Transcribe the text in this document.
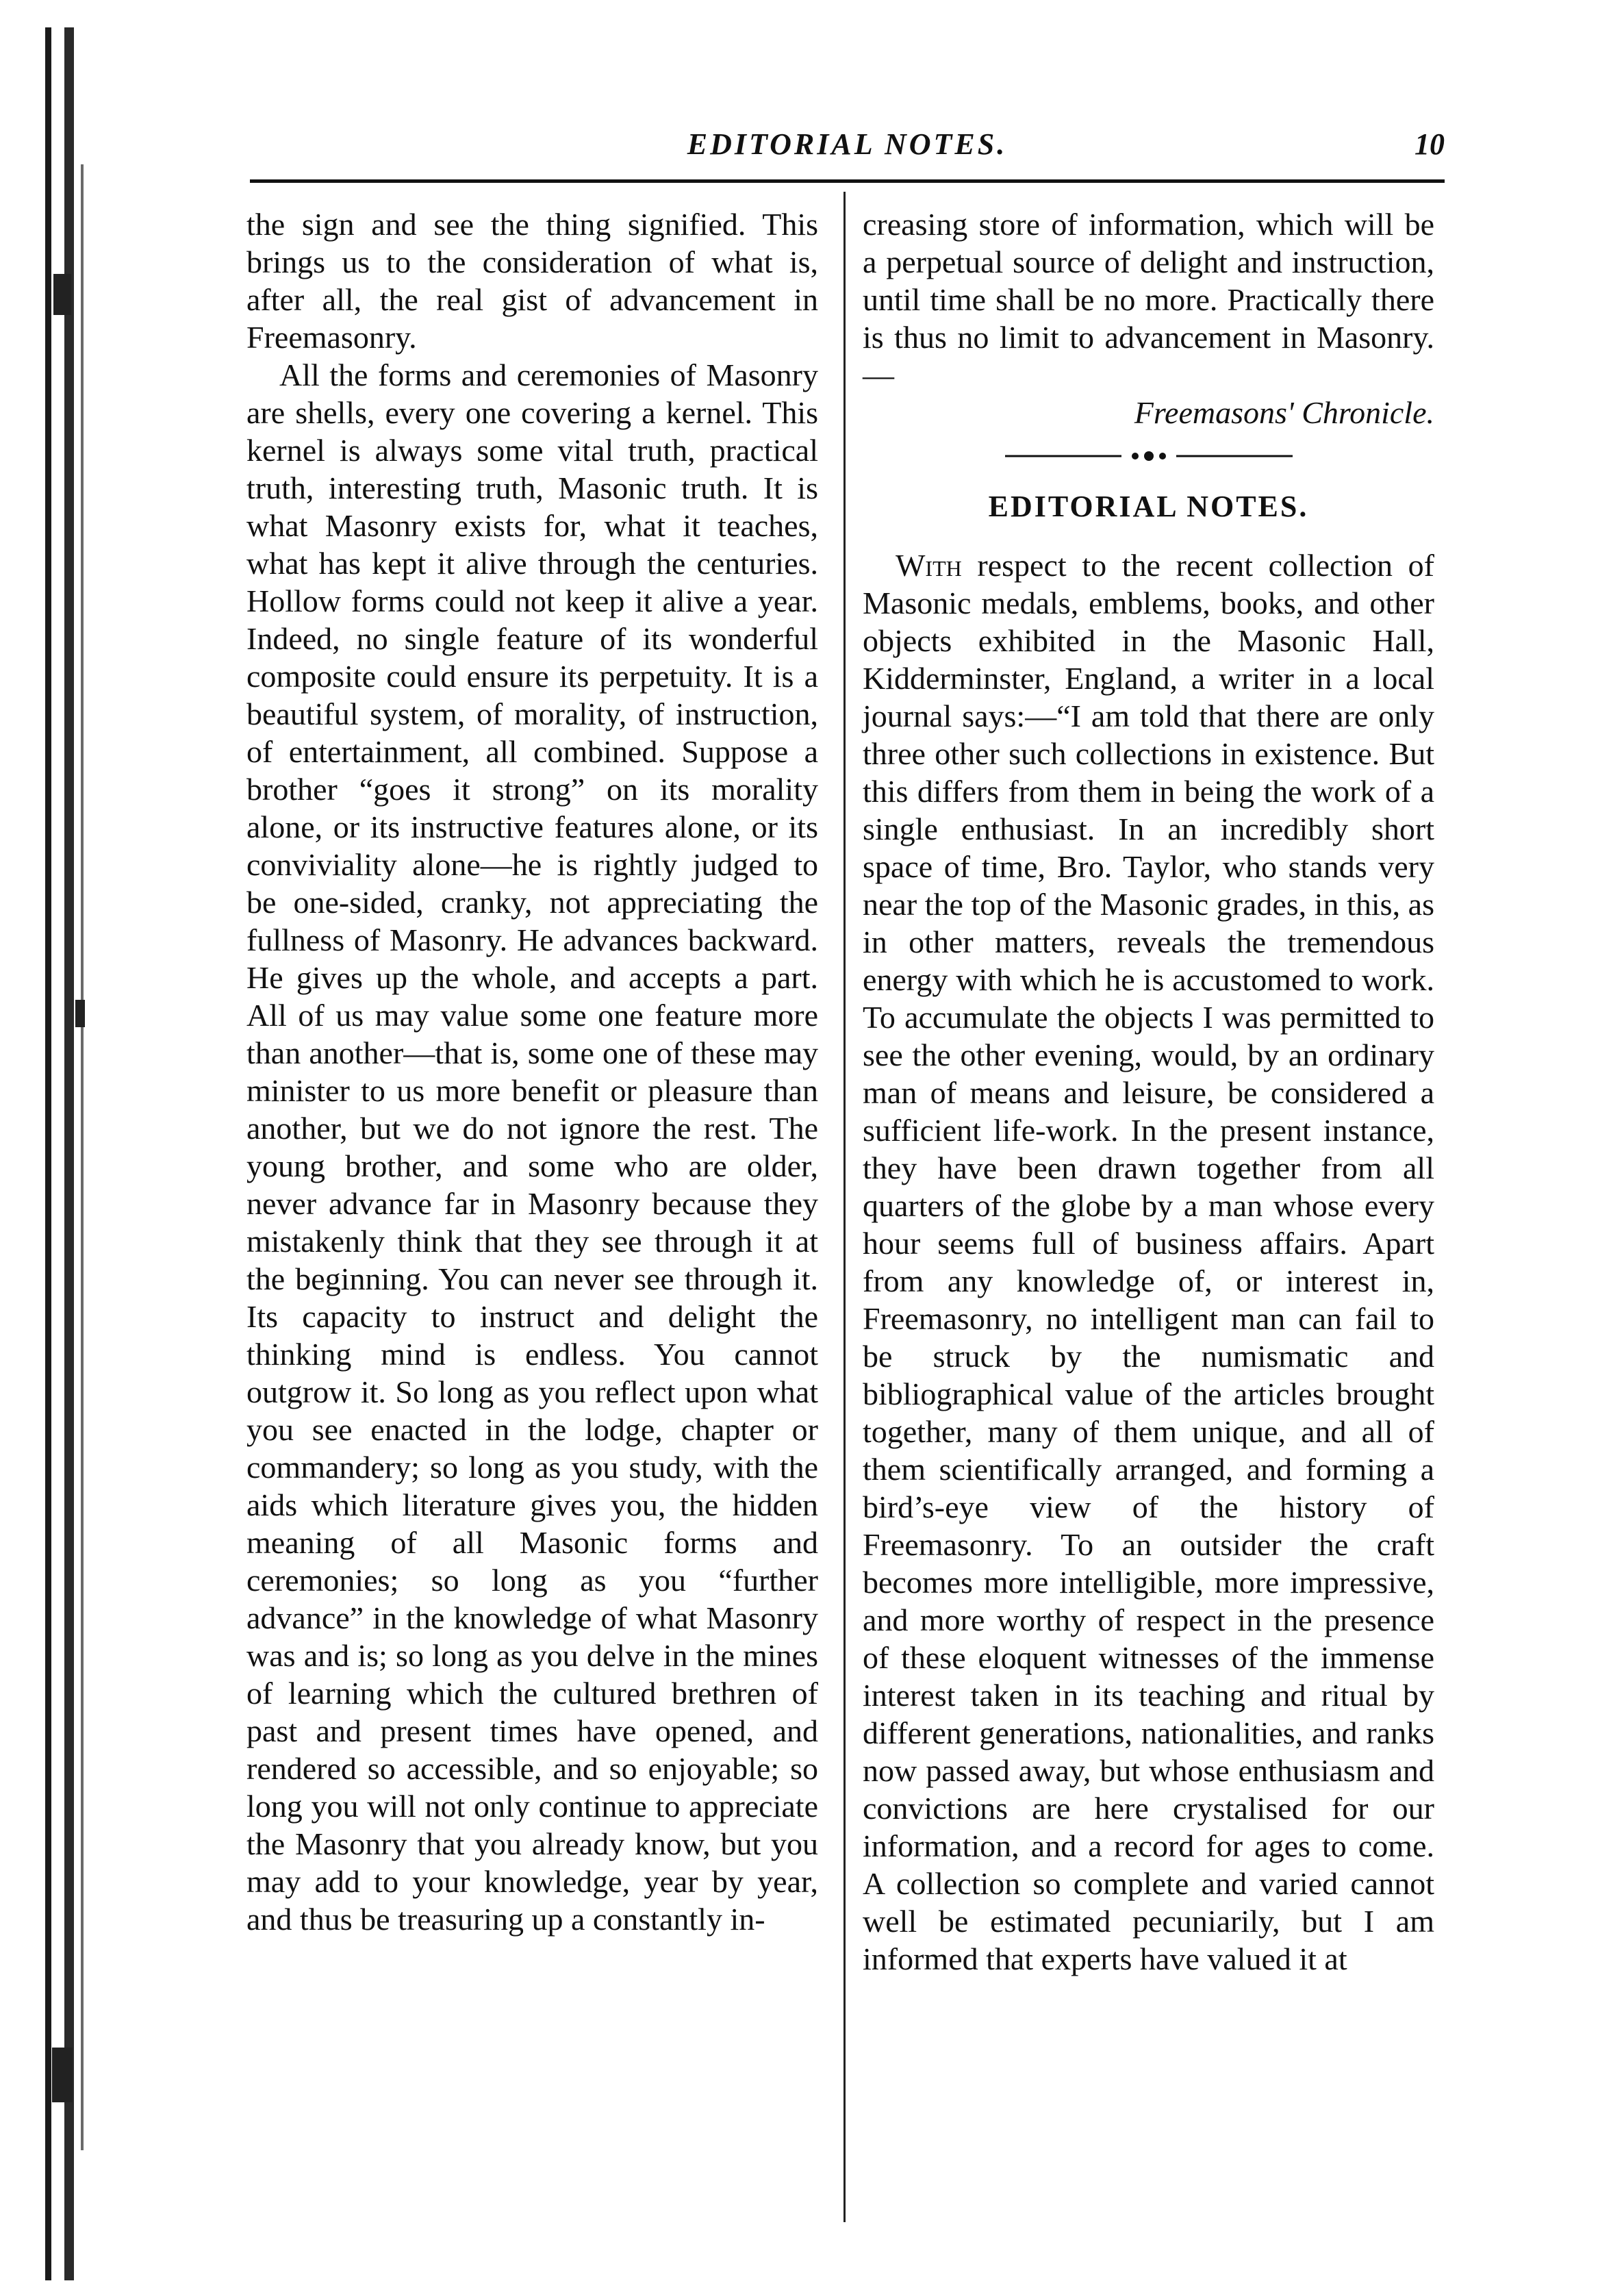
EDITORIAL NOTES.	10

the sign and see the thing signified. This brings us to the consideration of what is, after all, the real gist of advancement in Freemasonry.

All the forms and ceremonies of Masonry are shells, every one covering a kernel. This kernel is always some vital truth, practical truth, interesting truth, Masonic truth. It is what Masonry exists for, what it teaches, what has kept it alive through the centuries. Hollow forms could not keep it alive a year. Indeed, no single feature of its wonderful composite could ensure its perpetuity. It is a beautiful system, of morality, of instruction, of entertainment, all combined. Suppose a brother “goes it strong” on its morality alone, or its instructive features alone, or its conviviality alone—he is rightly judged to be one-sided, cranky, not appreciating the fullness of Masonry. He advances backward. He gives up the whole, and accepts a part. All of us may value some one feature more than another—that is, some one of these may minister to us more benefit or pleasure than another, but we do not ignore the rest. The young brother, and some who are older, never advance far in Masonry because they mistakenly think that they see through it at the beginning. You can never see through it. Its capacity to instruct and delight the thinking mind is endless. You cannot outgrow it. So long as you reflect upon what you see enacted in the lodge, chapter or commandery; so long as you study, with the aids which literature gives you, the hidden meaning of all Masonic forms and ceremonies; so long as you “further advance” in the knowledge of what Masonry was and is; so long as you delve in the mines of learning which the cultured brethren of past and present times have opened, and rendered so accessible, and so enjoyable; so long you will not only continue to appreciate the Masonry that you already know, but you may add to your knowledge, year by year, and thus be treasuring up a constantly in-

creasing store of information, which will be a perpetual source of delight and instruction, until time shall be no more. Practically there is thus no limit to advancement in Masonry.—

Freemasons' Chronicle.
EDITORIAL NOTES.

With respect to the recent collection of Masonic medals, emblems, books, and other objects exhibited in the Masonic Hall, Kidderminster, England, a writer in a local journal says:—“I am told that there are only three other such collections in existence. But this differs from them in being the work of a single enthusiast. In an incredibly short space of time, Bro. Taylor, who stands very near the top of the Masonic grades, in this, as in other matters, reveals the tremendous energy with which he is accustomed to work. To accumulate the objects I was permitted to see the other evening, would, by an ordinary man of means and leisure, be considered a sufficient life-work. In the present instance, they have been drawn together from all quarters of the globe by a man whose every hour seems full of business affairs. Apart from any knowledge of, or interest in, Freemasonry, no intelligent man can fail to be struck by the numismatic and bibliographical value of the articles brought together, many of them unique, and all of them scientifically arranged, and forming a bird’s-eye view of the history of Freemasonry. To an outsider the craft becomes more intelligible, more impressive, and more worthy of respect in the presence of these eloquent witnesses of the immense interest taken in its teaching and ritual by different generations, nationalities, and ranks now passed away, but whose enthusiasm and convictions are here crystalised for our information, and a record for ages to come. A collection so complete and varied cannot well be estimated pecuniarily, but I am informed that experts have valued it at
